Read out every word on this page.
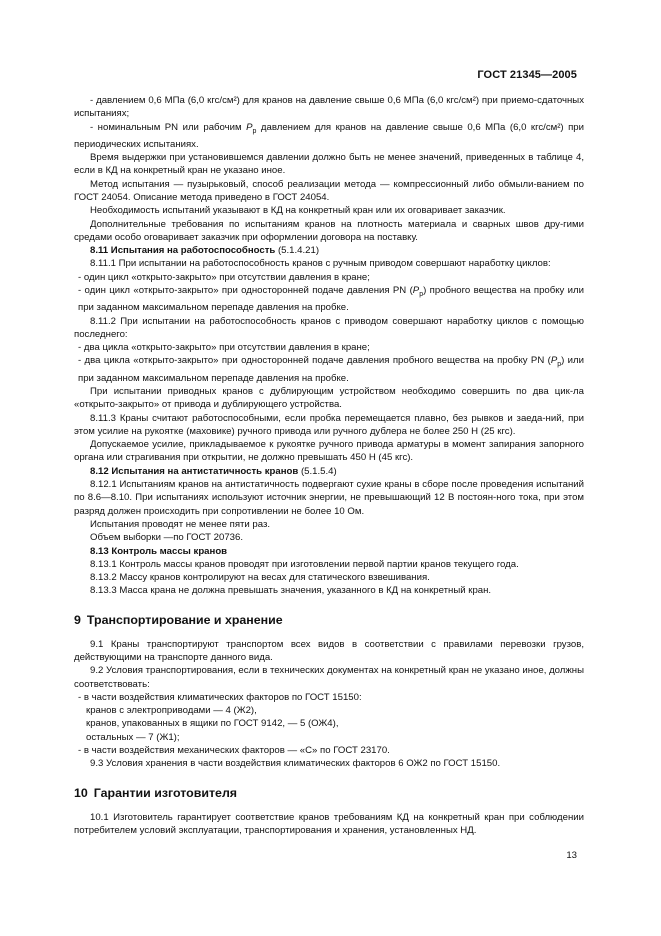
ГОСТ 21345—2005

- давлением 0,6 МПа (6,0 кгс/см²) для кранов на давление свыше 0,6 МПа (6,0 кгс/см²) при приемо-сдаточных испытаниях;

- номинальным PN или рабочим $P_p$ давлением для кранов на давление свыше 0,6 МПа (6,0 кгс/см²) при периодических испытаниях.

Время выдержки при установившемся давлении должно быть не менее значений, приведенных в таблице 4, если в КД на конкретный кран не указано иное.

Метод испытания — пузырьковый, способ реализации метода — компрессионный либо обмыли-ванием по ГОСТ 24054. Описание метода приведено в ГОСТ 24054.

Необходимость испытаний указывают в КД на конкретный кран или их оговаривает заказчик.

Дополнительные требования по испытаниям кранов на плотность материала и сварных швов дру-гими средами особо оговаривает заказчик при оформлении договора на поставку.

8.11 Испытания на работоспособность (5.1.4.21)

8.11.1 При испытании на работоспособность кранов с ручным приводом совершают наработку циклов:

- один цикл «открыто-закрыто» при отсутствии давления в кране;

- один цикл «открыто-закрыто» при односторонней подаче давления PN $(P_p)$ пробного вещества на пробку или при заданном максимальном перепаде давления на пробке.

8.11.2 При испытании на работоспособность кранов с приводом совершают наработку циклов с помощью последнего:

- два цикла «открыто-закрыто» при отсутствии давления в кране;

- два цикла «открыто-закрыто» при односторонней подаче давления пробного вещества на пробку PN $(P_p)$ или при заданном максимальном перепаде давления на пробке.

При испытании приводных кранов с дублирующим устройством необходимо совершить по два цик-ла «открыто-закрыто» от привода и дублирующего устройства.

8.11.3 Краны считают работоспособными, если пробка перемещается плавно, без рывков и заеда-ний, при этом усилие на рукоятке (маховике) ручного привода или ручного дублера не более 250 Н (25 кгс).

Допускаемое усилие, прикладываемое к рукоятке ручного привода арматуры в момент запирания запорного органа или страгивания при открытии, не должно превышать 450 Н (45 кгс).

8.12 Испытания на антистатичность кранов (5.1.5.4)

8.12.1 Испытаниям кранов на антистатичность подвергают сухие краны в сборе после проведения испытаний по 8.6—8.10. При испытаниях используют источник энергии, не превышающий 12 В постоян-ного тока, при этом разряд должен происходить при сопротивлении не более 10 Ом.

Испытания проводят не менее пяти раз.

Объем выборки —по ГОСТ 20736.

8.13 Контроль массы кранов

8.13.1 Контроль массы кранов проводят при изготовлении первой партии кранов текущего года.

8.13.2 Массу кранов контролируют на весах для статического взвешивания.

8.13.3 Масса крана не должна превышать значения, указанного в КД на конкретный кран.

9 Транспортирование и хранение

9.1 Краны транспортируют транспортом всех видов в соответствии с правилами перевозки грузов, действующими на транспорте данного вида.

9.2 Условия транспортирования, если в технических документах на конкретный кран не указано иное, должны соответствовать:

- в части воздействия климатических факторов по ГОСТ 15150:

кранов с электроприводами — 4 (Ж2),

кранов, упакованных в ящики по ГОСТ 9142, — 5 (ОЖ4),

остальных — 7 (Ж1);

- в части воздействия механических факторов — «С» по ГОСТ 23170.

9.3 Условия хранения в части воздействия климатических факторов 6 ОЖ2 по ГОСТ 15150.

10 Гарантии изготовителя

10.1 Изготовитель гарантирует соответствие кранов требованиям КД на конкретный кран при соблюдении потребителем условий эксплуатации, транспортирования и хранения, установленных НД.

13
